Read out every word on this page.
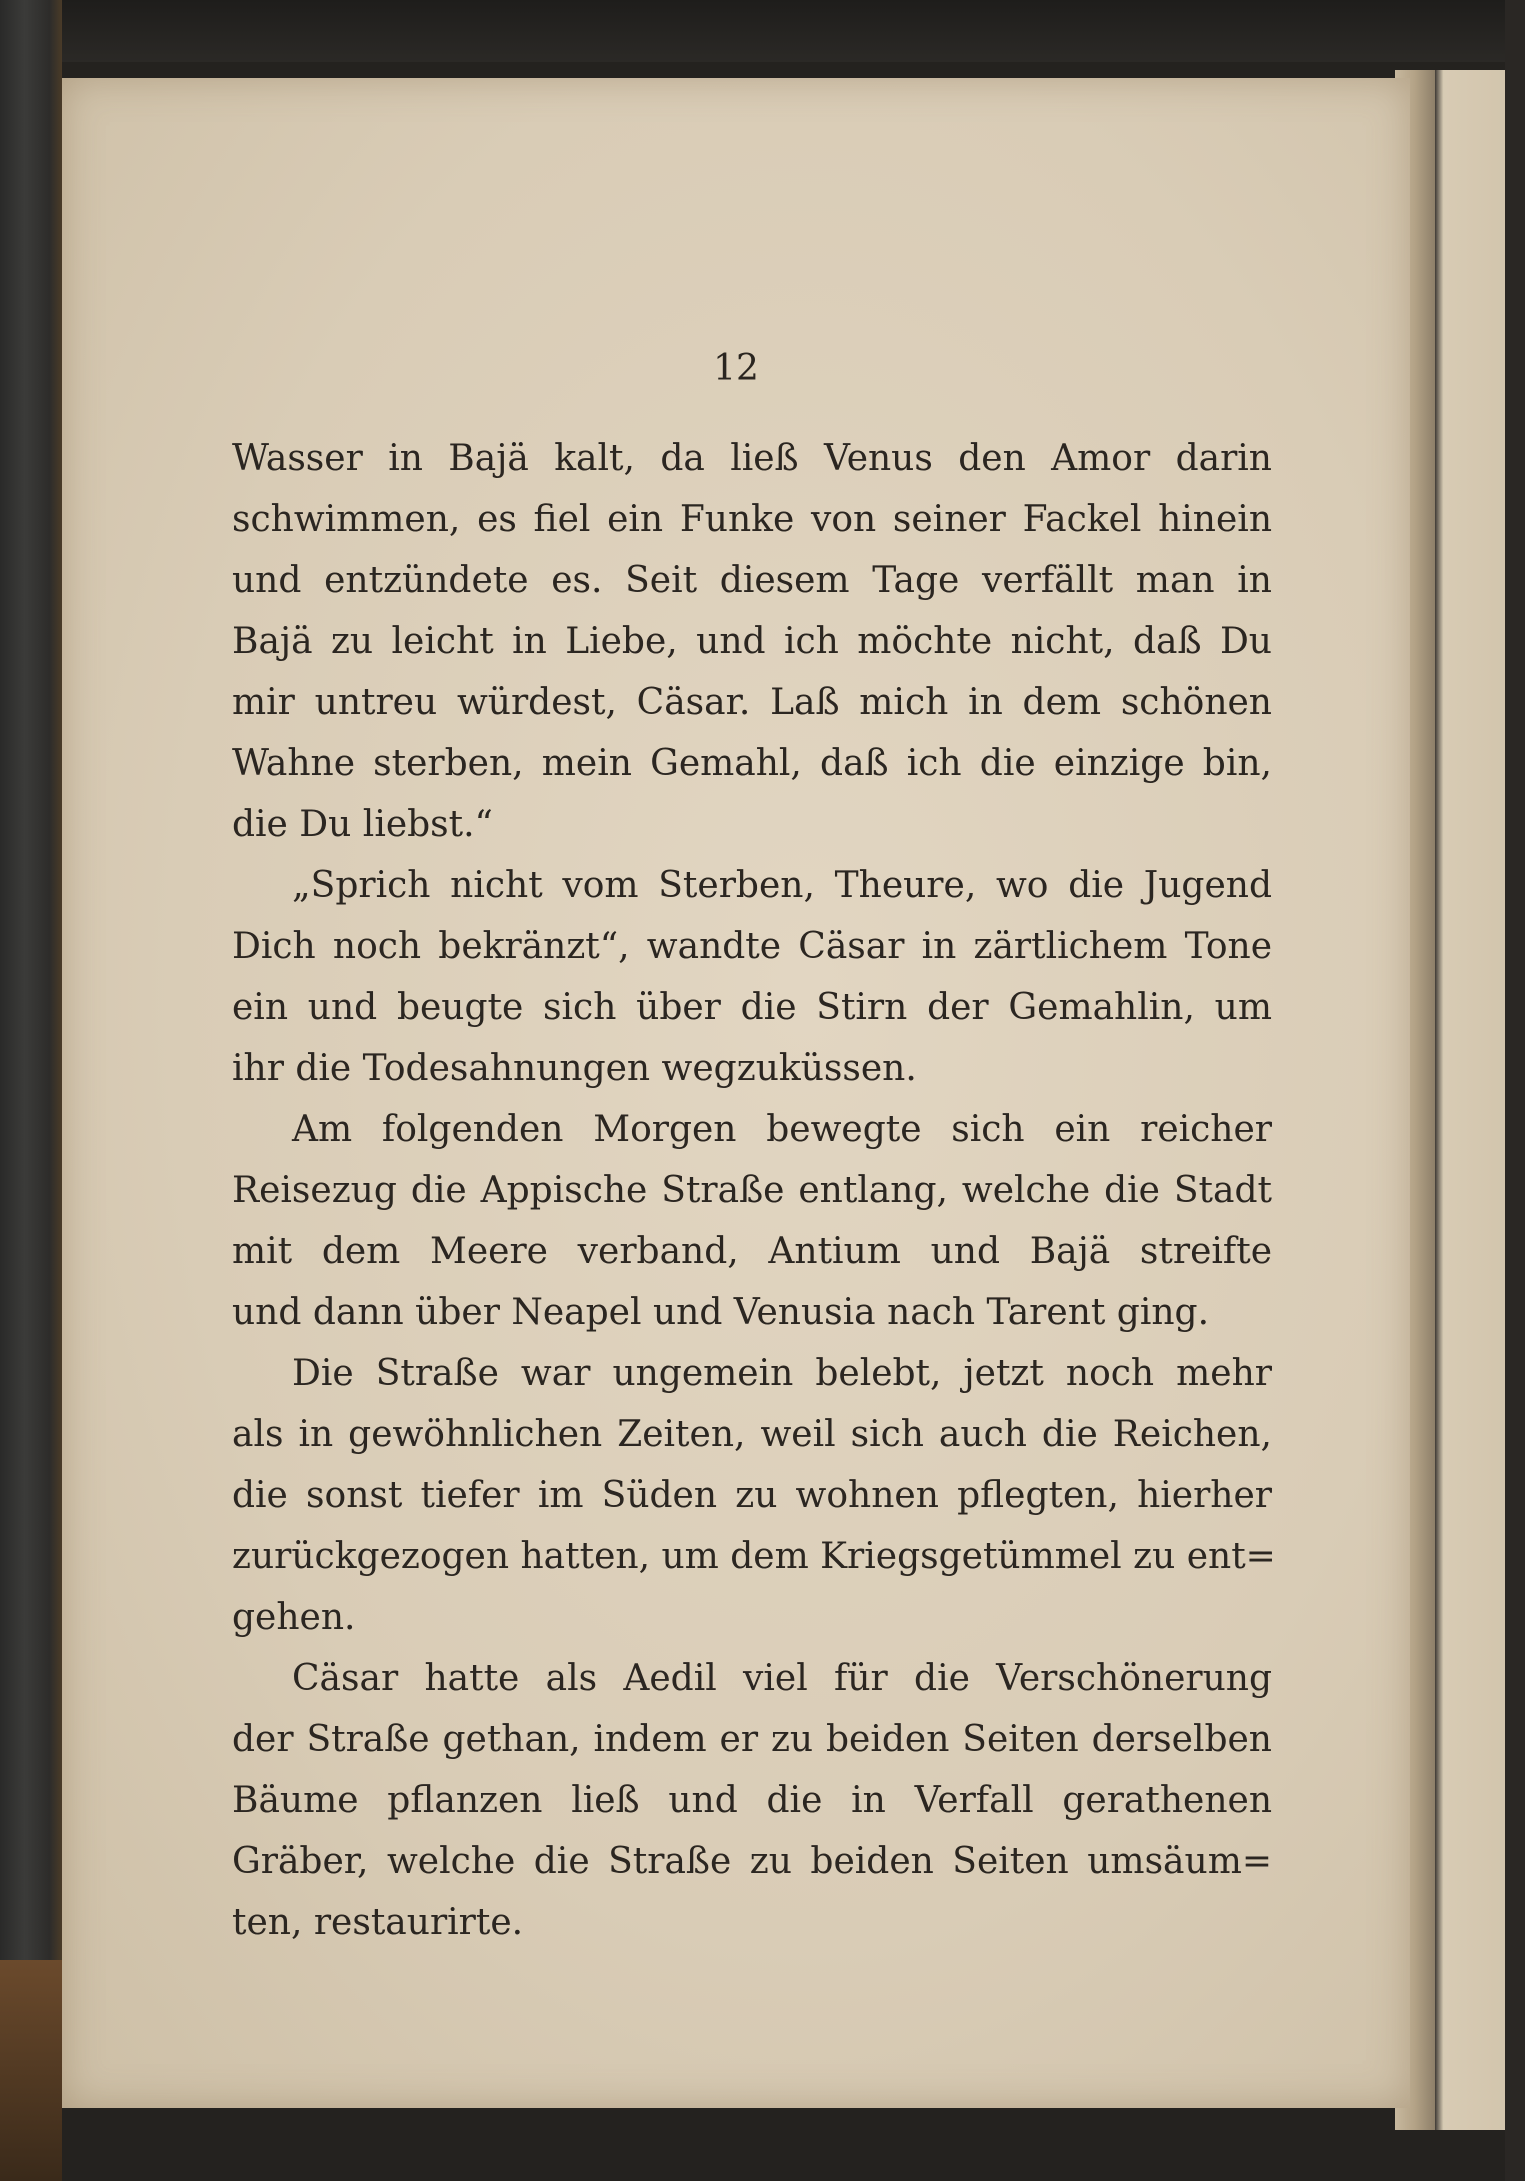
12
Wasser in Bajä kalt, da ließ Venus den Amor darin
schwimmen, es fiel ein Funke von seiner Fackel hinein
und entzündete es. Seit diesem Tage verfällt man in
Bajä zu leicht in Liebe, und ich möchte nicht, daß Du
mir untreu würdest, Cäsar. Laß mich in dem schönen
Wahne sterben, mein Gemahl, daß ich die einzige bin,
die Du liebst.“
„Sprich nicht vom Sterben, Theure, wo die Jugend
Dich noch bekränzt“, wandte Cäsar in zärtlichem Tone
ein und beugte sich über die Stirn der Gemahlin, um
ihr die Todesahnungen wegzuküssen.
Am folgenden Morgen bewegte sich ein reicher
Reisezug die Appische Straße entlang, welche die Stadt
mit dem Meere verband, Antium und Bajä streifte
und dann über Neapel und Venusia nach Tarent ging.
Die Straße war ungemein belebt, jetzt noch mehr
als in gewöhnlichen Zeiten, weil sich auch die Reichen,
die sonst tiefer im Süden zu wohnen pflegten, hierher
zurückgezogen hatten, um dem Kriegsgetümmel zu ent=
gehen.
Cäsar hatte als Aedil viel für die Verschönerung
der Straße gethan, indem er zu beiden Seiten derselben
Bäume pflanzen ließ und die in Verfall gerathenen
Gräber, welche die Straße zu beiden Seiten umsäum=
ten, restaurirte.
